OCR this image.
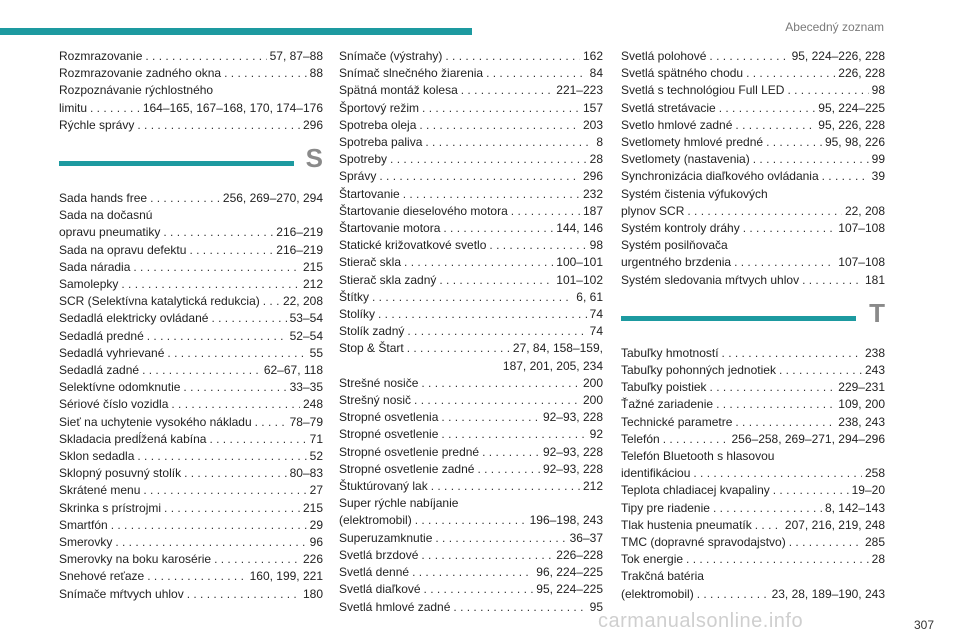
Abecedný zoznam
Rozmrazovanie . . .	57, 87–88
Rozmrazovanie zadného okna . . .	88
Rozpoznávanie rýchlostného
limitu . . .	164–165, 167–168, 170, 174–176
Rýchle správy . . .	296
S
Sada hands free . . .	256, 269–270, 294
Sada na dočasnú
opravu pneumatiky . . .	216–219
Sada na opravu defektu . . .	216–219
Sada náradia . . .	215
Samolepky . . .	212
SCR (Selektívna katalytická redukcia) . . . 22, 208
Sedadlá elektricky ovládané . . .	53–54
Sedadlá predné . . .	52–54
Sedadlá vyhrievané . . .	55
Sedadlá zadné . . .	62–67, 118
Selektívne odomknutie . . .	33–35
Sériové číslo vozidla . . .	248
Sieť na uchytenie vysokého nákladu . . .	78–79
Skladacia predĺžená kabína . . .	71
Sklon sedadla . . .	52
Sklopný posuvný stolík . . .	80–83
Skrátené menu . . .	27
Skrinka s prístrojmi . . .	215
Smartfón . . .	29
Smerovky . . .	96
Smerovky na boku karosérie . . .	226
Snehové reťaze . . .	160, 199, 221
Snímače mŕtvych uhlov . . .	180
Snímače (výstrahy) . . .	162
Snímač slnečného žiarenia . . .	84
Spätná montáž kolesa . . .	221–223
Športový režim . . .	157
Spotreba oleja . . .	203
Spotreba paliva . . .	8
Spotreby . . .	28
Správy . . .	296
Štartovanie . . .	232
Štartovanie dieselového motora . . .	187
Štartovanie motora . . .	144, 146
Statické križovatkové svetlo . . .	98
Stierač skla . . .	100–101
Stierač skla zadný . . .	101–102
Štítky . . .	6, 61
Stolíky . . .	74
Stolík zadný . . .	74
Stop & Štart . . .	27, 84, 158–159,
187, 201, 205, 234
Strešné nosiče . . .	200
Strešný nosič . . .	200
Stropné osvetlenia . . .	92–93, 228
Stropné osvetlenie . . .	92
Stropné osvetlenie predné . . .	92–93, 228
Stropné osvetlenie zadné . . .	92–93, 228
Štuktúrovaný lak . . .	212
Super rýchle nabíjanie
(elektromobil) . . .	196–198, 243
Superuzamknutie . . .	36–37
Svetlá brzdové . . .	226–228
Svetlá denné . . .	96, 224–225
Svetlá diaľkové . . .	95, 224–225
Svetlá hmlové zadné . . .	95
Svetlá polohové . . .	95, 224–226, 228
Svetlá spätného chodu . . .	226, 228
Svetlá s technológiou Full LED . . .	98
Svetlá stretávacie . . .	95, 224–225
Svetlo hmlové zadné . . .	95, 226, 228
Svetlomety hmlové predné . . .	95, 98, 226
Svetlomety (nastavenia) . . .	99
Synchronizácia diaľkového ovládania . . .	39
Systém čistenia výfukových
plynov SCR . . .	22, 208
Systém kontroly dráhy . . .	107–108
Systém posilňovača
urgentného brzdenia . . .	107–108
Systém sledovania mŕtvych uhlov . . .	181
T
Tabuľky hmotností . . .	238
Tabuľky pohonných jednotiek . . .	243
Tabuľky poistiek . . .	229–231
Ťažné zariadenie . . .	109, 200
Technické parametre . . .	238, 243
Telefón . . .	256–258, 269–271, 294–296
Telefón Bluetooth s hlasovou
identifikáciou . . .	258
Teplota chladiacej kvapaliny . . .	19–20
Tipy pre riadenie . . .	8, 142–143
Tlak hustenia pneumatík . . .	207, 216, 219, 248
TMC (dopravné spravodajstvo) . . .	285
Tok energie . . .	28
Trakčná batéria
(elektromobil) . . .	23, 28, 189–190, 243
carmanualsonline.info	307
